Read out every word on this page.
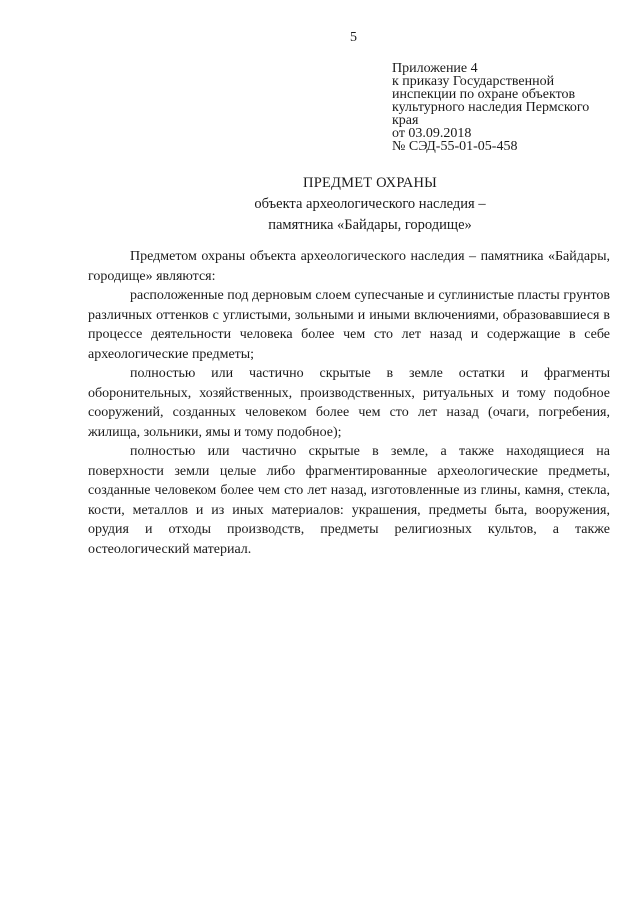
5
Приложение 4
к приказу Государственной
инспекции по охране объектов
культурного наследия Пермского
края
от 03.09.2018
№ СЭД-55-01-05-458
ПРЕДМЕТ ОХРАНЫ
объекта археологического наследия –
памятника «Байдары, городище»

Предметом охраны объекта археологического наследия – памятника «Байдары, городище» являются:

расположенные под дерновым слоем супесчаные и суглинистые пласты грунтов различных оттенков с углистыми, зольными и иными включениями, образовавшиеся в процессе деятельности человека более чем сто лет назад и содержащие в себе археологические предметы;

полностью или частично скрытые в земле остатки и фрагменты оборонительных, хозяйственных, производственных, ритуальных и тому подобное сооружений, созданных человеком более чем сто лет назад (очаги, погребения, жилища, зольники, ямы и тому подобное);

полностью или частично скрытые в земле, а также находящиеся на поверхности земли целые либо фрагментированные археологические предметы, созданные человеком более чем сто лет назад, изготовленные из глины, камня, стекла, кости, металлов и из иных материалов: украшения, предметы быта, вооружения, орудия и отходы производств, предметы религиозных культов, а также остеологический материал.
